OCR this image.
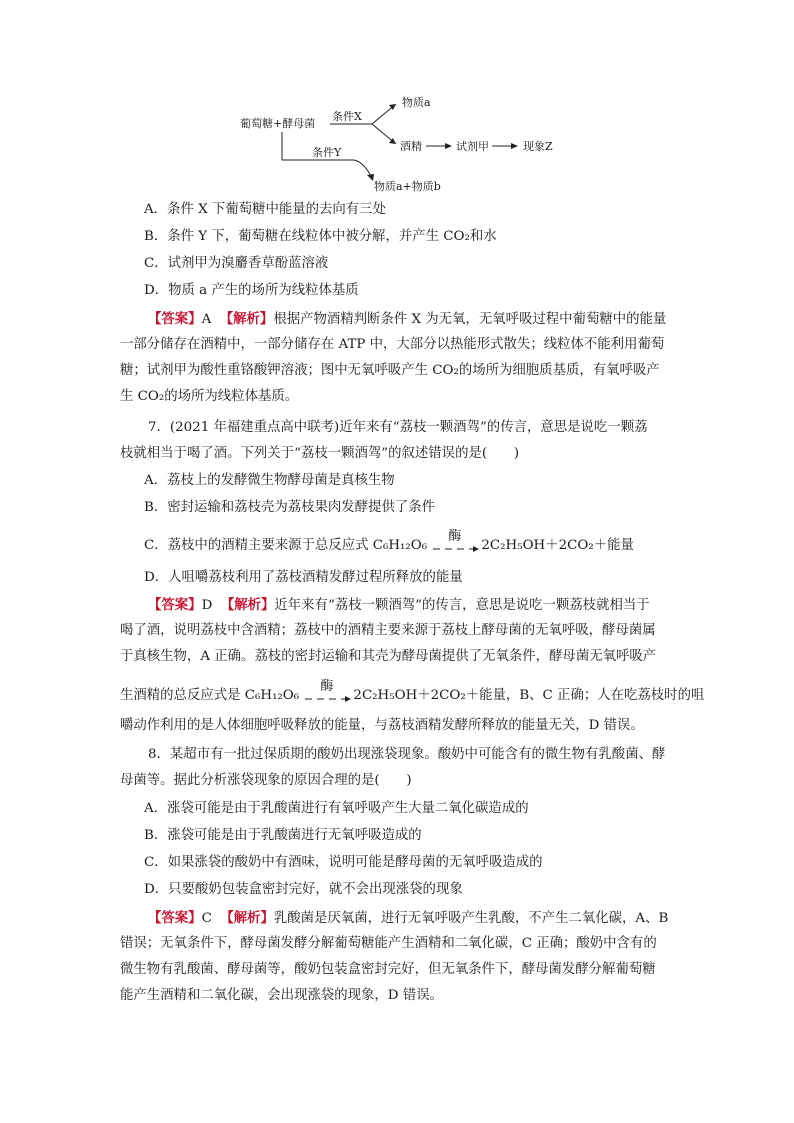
葡萄糖+酵母菌
条件X
物质a
酒精	试剂甲	现象Z
条件Y
物质a+物质b
A．条件 X 下葡萄糖中能量的去向有三处
B．条件 Y 下，葡萄糖在线粒体中被分解，并产生 CO₂和水
C．试剂甲为溴麝香草酚蓝溶液
D．物质 a 产生的场所为线粒体基质
【答案】A 【解析】根据产物酒精判断条件 X 为无氧，无氧呼吸过程中葡萄糖中的能量
一部分储存在酒精中，一部分储存在 ATP 中，大部分以热能形式散失；线粒体不能利用葡萄
糖；试剂甲为酸性重铬酸钾溶液；图中无氧呼吸产生 CO₂的场所为细胞质基质，有氧呼吸产
生 CO₂的场所为线粒体基质。
7．(2021 年福建重点高中联考)近年来有“荔枝一颗酒驾”的传言，意思是说吃一颗荔
枝就相当于喝了酒。下列关于“荔枝一颗酒驾”的叙述错误的是(　　)
A．荔枝上的发酵微生物酵母菌是真核生物
B．密封运输和荔枝壳为荔枝果肉发酵提供了条件
C．荔枝中的酒精主要来源于总反应式 C₆H₁₂O₆
酶
2C₂H₅OH＋2CO₂＋能量
D．人咀嚼荔枝利用了荔枝酒精发酵过程所释放的能量
【答案】D 【解析】近年来有“荔枝一颗酒驾”的传言，意思是说吃一颗荔枝就相当于
喝了酒，说明荔枝中含酒精；荔枝中的酒精主要来源于荔枝上酵母菌的无氧呼吸，酵母菌属
于真核生物，A 正确。荔枝的密封运输和其壳为酵母菌提供了无氧条件，酵母菌无氧呼吸产
生酒精的总反应式是 C₆H₁₂O₆
酶
2C₂H₅OH＋2CO₂＋能量，B、C 正确；人在吃荔枝时的咀
嚼动作利用的是人体细胞呼吸释放的能量，与荔枝酒精发酵所释放的能量无关，D 错误。
8．某超市有一批过保质期的酸奶出现涨袋现象。酸奶中可能含有的微生物有乳酸菌、酵
母菌等。据此分析涨袋现象的原因合理的是(　　)
A．涨袋可能是由于乳酸菌进行有氧呼吸产生大量二氧化碳造成的
B．涨袋可能是由于乳酸菌进行无氧呼吸造成的
C．如果涨袋的酸奶中有酒味，说明可能是酵母菌的无氧呼吸造成的
D．只要酸奶包装盒密封完好，就不会出现涨袋的现象
【答案】C 【解析】乳酸菌是厌氧菌，进行无氧呼吸产生乳酸，不产生二氧化碳，A、B
错误；无氧条件下，酵母菌发酵分解葡萄糖能产生酒精和二氧化碳，C 正确；酸奶中含有的
微生物有乳酸菌、酵母菌等，酸奶包装盒密封完好，但无氧条件下，酵母菌发酵分解葡萄糖
能产生酒精和二氧化碳，会出现涨袋的现象，D 错误。
